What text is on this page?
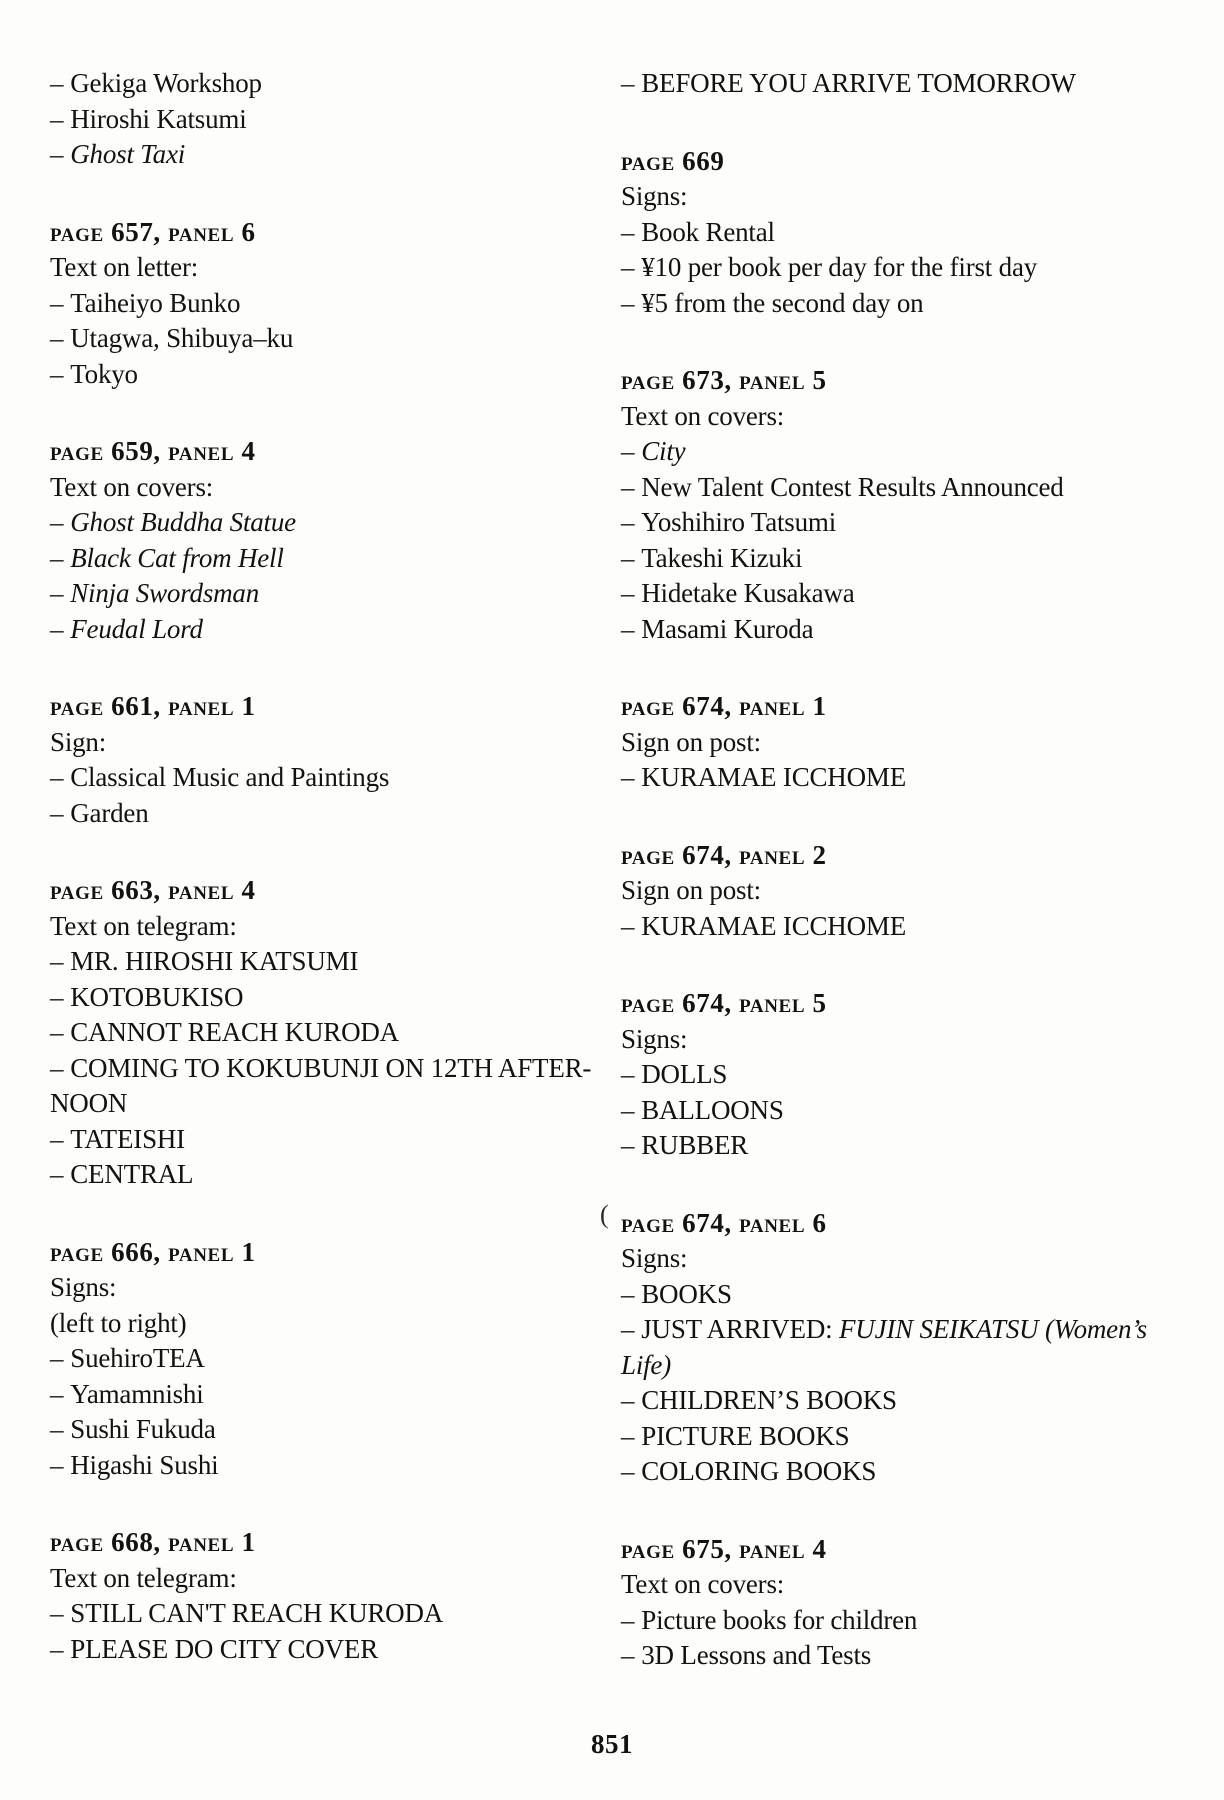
– Gekiga Workshop
– Hiroshi Katsumi
– Ghost Taxi
page 657, panel 6
Text on letter:
– Taiheiyo Bunko
– Utagwa, Shibuya–ku
– Tokyo
page 659, panel 4
Text on covers:
– Ghost Buddha Statue
– Black Cat from Hell
– Ninja Swordsman
– Feudal Lord
page 661, panel 1
Sign:
– Classical Music and Paintings
– Garden
page 663, panel 4
Text on telegram:
– MR. HIROSHI KATSUMI
– KOTOBUKISO
– CANNOT REACH KURODA
– COMING TO KOKUBUNJI ON 12TH AFTER-
NOON
– TATEISHI
– CENTRAL
page 666, panel 1
Signs:
(left to right)
– SuehiroTEA
– Yamamnishi
– Sushi Fukuda
– Higashi Sushi
page 668, panel 1
Text on telegram:
– STILL CAN'T REACH KURODA
– PLEASE DO CITY COVER
– BEFORE YOU ARRIVE TOMORROW
page 669
Signs:
– Book Rental
– ¥10 per book per day for the first day
– ¥5 from the second day on
page 673, panel 5
Text on covers:
– City
– New Talent Contest Results Announced
– Yoshihiro Tatsumi
– Takeshi Kizuki
– Hidetake Kusakawa
– Masami Kuroda
page 674, panel 1
Sign on post:
– KURAMAE ICCHOME
page 674, panel 2
Sign on post:
– KURAMAE ICCHOME
page 674, panel 5
Signs:
– DOLLS
– BALLOONS
– RUBBER
( page 674, panel 6
Signs:
– BOOKS
– JUST ARRIVED: FUJIN SEIKATSU (Women’s
Life)
– CHILDREN’S BOOKS
– PICTURE BOOKS
– COLORING BOOKS
page 675, panel 4
Text on covers:
– Picture books for children
– 3D Lessons and Tests
851
